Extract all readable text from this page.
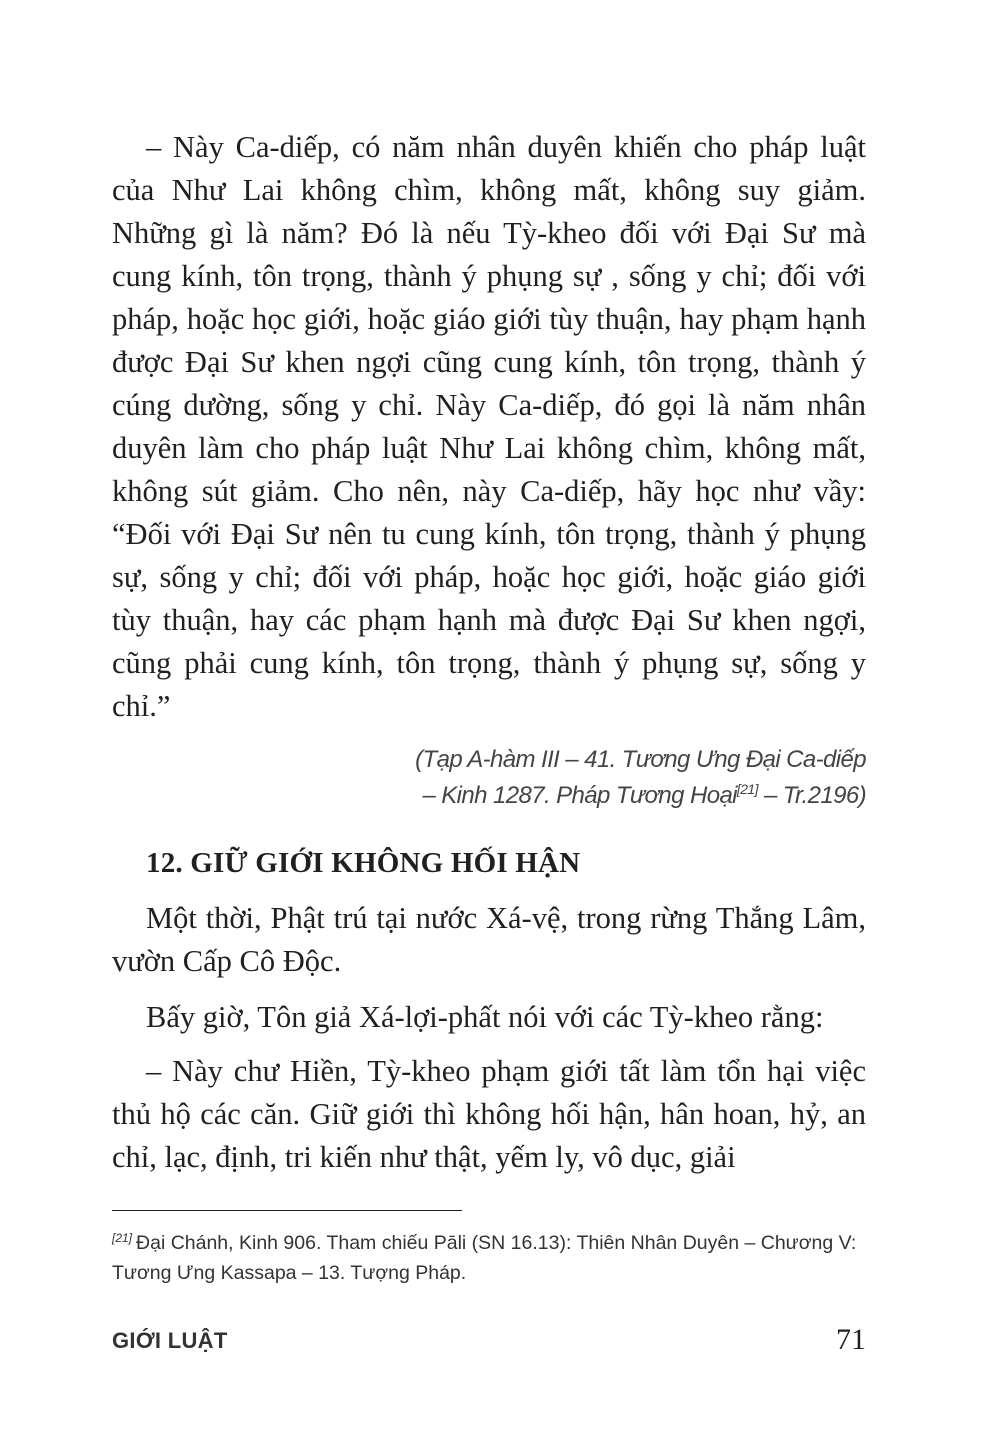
– Này Ca-diếp, có năm nhân duyên khiến cho pháp luật của Như Lai không chìm, không mất, không suy giảm. Những gì là năm? Đó là nếu Tỳ-kheo đối với Đại Sư mà cung kính, tôn trọng, thành ý phụng sự , sống y chỉ; đối với pháp, hoặc học giới, hoặc giáo giới tùy thuận, hay phạm hạnh được Đại Sư khen ngợi cũng cung kính, tôn trọng, thành ý cúng dường, sống y chỉ. Này Ca-diếp, đó gọi là năm nhân duyên làm cho pháp luật Như Lai không chìm, không mất, không sút giảm. Cho nên, này Ca-diếp, hãy học như vầy: “Đối với Đại Sư nên tu cung kính, tôn trọng, thành ý phụng sự, sống y chỉ; đối với pháp, hoặc học giới, hoặc giáo giới tùy thuận, hay các phạm hạnh mà được Đại Sư khen ngợi, cũng phải cung kính, tôn trọng, thành ý phụng sự, sống y chỉ.”

(Tạp A-hàm III – 41. Tương Ưng Đại Ca-diếp
– Kinh 1287. Pháp Tương Hoại[21] – Tr.2196)
12. GIỮ GIỚI KHÔNG HỐI HẬN

Một thời, Phật trú tại nước Xá-vệ, trong rừng Thắng Lâm, vườn Cấp Cô Độc.

Bấy giờ, Tôn giả Xá-lợi-phất nói với các Tỳ-kheo rằng:

– Này chư Hiền, Tỳ-kheo phạm giới tất làm tổn hại việc thủ hộ các căn. Giữ giới thì không hối hận, hân hoan, hỷ, an chỉ, lạc, định, tri kiến như thật, yếm ly, vô dục, giải

[21] Đại Chánh, Kinh 906. Tham chiếu Pāli (SN 16.13): Thiên Nhân Duyên – Chương V: Tương Ưng Kassapa – 13. Tượng Pháp.

GIỚI LUẬT	71
